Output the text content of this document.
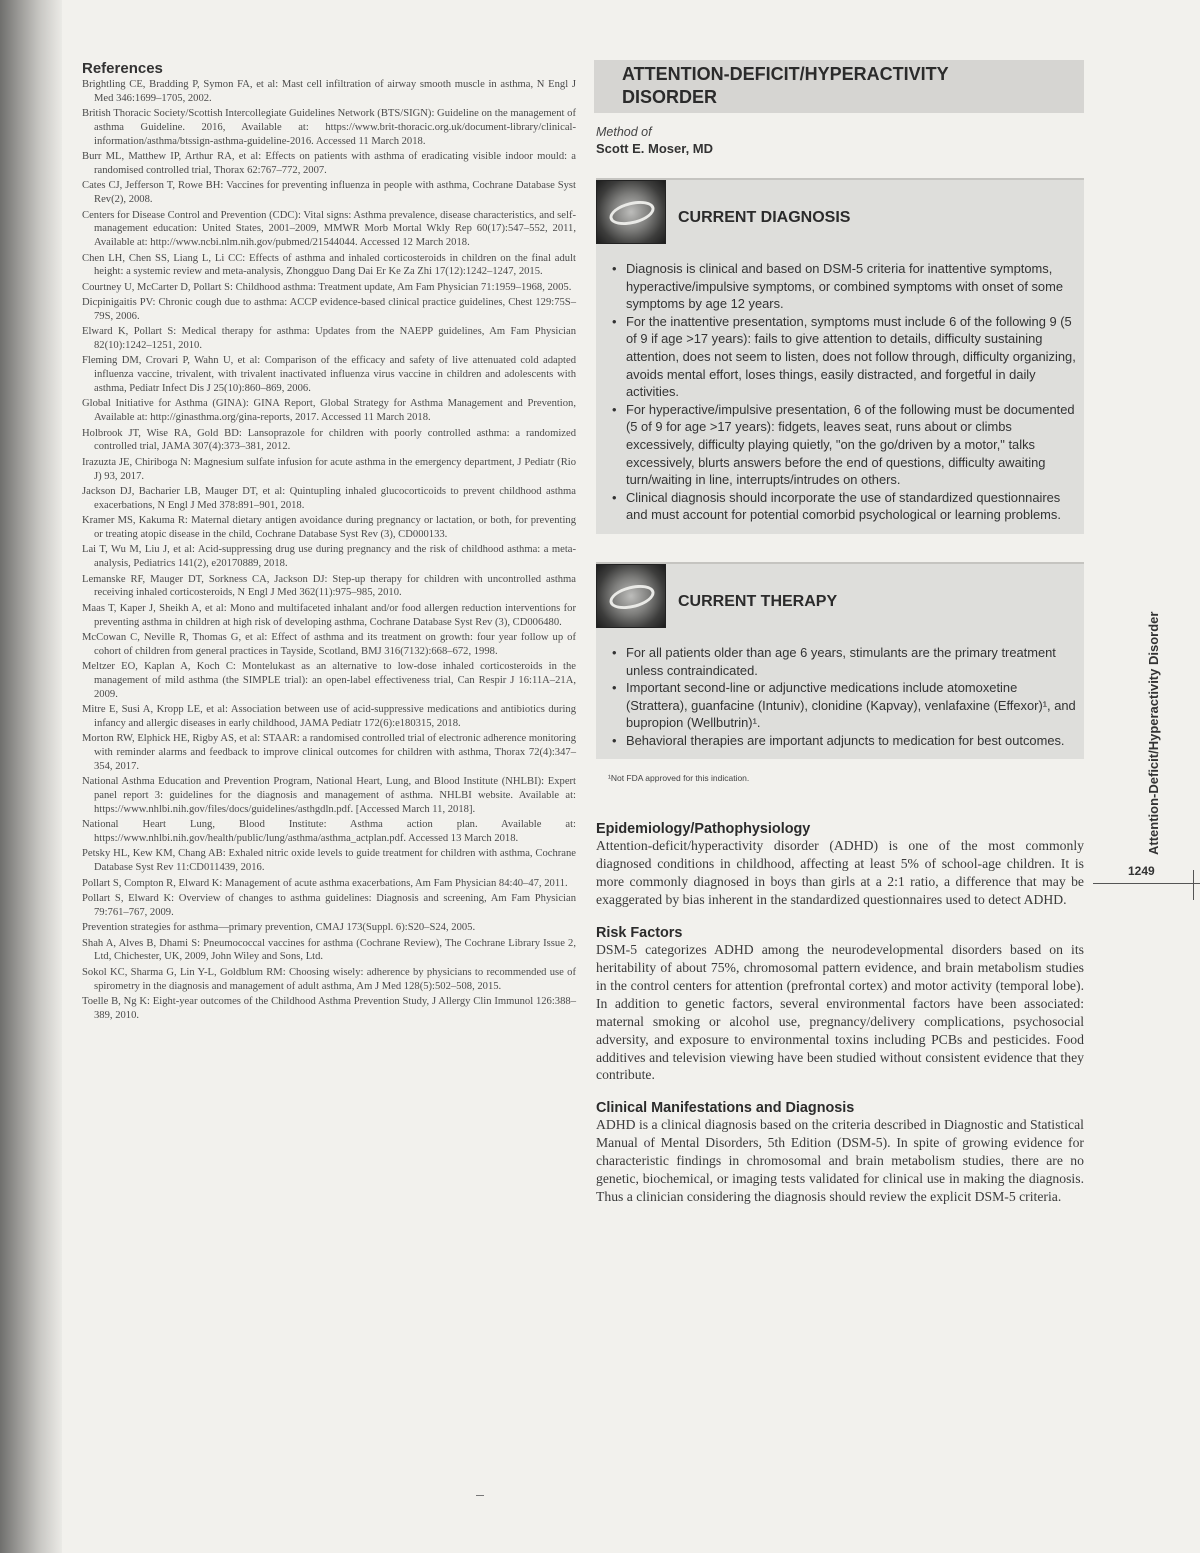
References
Brightling CE, Bradding P, Symon FA, et al: Mast cell infiltration of airway smooth muscle in asthma, N Engl J Med 346:1699–1705, 2002.
British Thoracic Society/Scottish Intercollegiate Guidelines Network (BTS/SIGN): Guideline on the management of asthma Guideline. 2016, Available at: https://www.brit-thoracic.org.uk/document-library/clinical-information/asthma/btssign-asthma-guideline-2016. Accessed 11 March 2018.
Burr ML, Matthew IP, Arthur RA, et al: Effects on patients with asthma of eradicating visible indoor mould: a randomised controlled trial, Thorax 62:767–772, 2007.
Cates CJ, Jefferson T, Rowe BH: Vaccines for preventing influenza in people with asthma, Cochrane Database Syst Rev(2), 2008.
Centers for Disease Control and Prevention (CDC): Vital signs: Asthma prevalence, disease characteristics, and self-management education: United States, 2001–2009, MMWR Morb Mortal Wkly Rep 60(17):547–552, 2011, Available at: http://www.ncbi.nlm.nih.gov/pubmed/21544044. Accessed 12 March 2018.
Chen LH, Chen SS, Liang L, Li CC: Effects of asthma and inhaled corticosteroids in children on the final adult height: a systemic review and meta-analysis, Zhongguo Dang Dai Er Ke Za Zhi 17(12):1242–1247, 2015.
Courtney U, McCarter D, Pollart S: Childhood asthma: Treatment update, Am Fam Physician 71:1959–1968, 2005.
Dicpinigaitis PV: Chronic cough due to asthma: ACCP evidence-based clinical practice guidelines, Chest 129:75S–79S, 2006.
Elward K, Pollart S: Medical therapy for asthma: Updates from the NAEPP guidelines, Am Fam Physician 82(10):1242–1251, 2010.
Fleming DM, Crovari P, Wahn U, et al: Comparison of the efficacy and safety of live attenuated cold adapted influenza vaccine, trivalent, with trivalent inactivated influenza virus vaccine in children and adolescents with asthma, Pediatr Infect Dis J 25(10):860–869, 2006.
Global Initiative for Asthma (GINA): GINA Report, Global Strategy for Asthma Management and Prevention, Available at: http://ginasthma.org/gina-reports, 2017. Accessed 11 March 2018.
Holbrook JT, Wise RA, Gold BD: Lansoprazole for children with poorly controlled asthma: a randomized controlled trial, JAMA 307(4):373–381, 2012.
Irazuzta JE, Chiriboga N: Magnesium sulfate infusion for acute asthma in the emergency department, J Pediatr (Rio J) 93, 2017.
Jackson DJ, Bacharier LB, Mauger DT, et al: Quintupling inhaled glucocorticoids to prevent childhood asthma exacerbations, N Engl J Med 378:891–901, 2018.
Kramer MS, Kakuma R: Maternal dietary antigen avoidance during pregnancy or lactation, or both, for preventing or treating atopic disease in the child, Cochrane Database Syst Rev (3), CD000133.
Lai T, Wu M, Liu J, et al: Acid-suppressing drug use during pregnancy and the risk of childhood asthma: a meta-analysis, Pediatrics 141(2), e20170889, 2018.
Lemanske RF, Mauger DT, Sorkness CA, Jackson DJ: Step-up therapy for children with uncontrolled asthma receiving inhaled corticosteroids, N Engl J Med 362(11):975–985, 2010.
Maas T, Kaper J, Sheikh A, et al: Mono and multifaceted inhalant and/or food allergen reduction interventions for preventing asthma in children at high risk of developing asthma, Cochrane Database Syst Rev (3), CD006480.
McCowan C, Neville R, Thomas G, et al: Effect of asthma and its treatment on growth: four year follow up of cohort of children from general practices in Tayside, Scotland, BMJ 316(7132):668–672, 1998.
Meltzer EO, Kaplan A, Koch C: Montelukast as an alternative to low-dose inhaled corticosteroids in the management of mild asthma (the SIMPLE trial): an open-label effectiveness trial, Can Respir J 16:11A–21A, 2009.
Mitre E, Susi A, Kropp LE, et al: Association between use of acid-suppressive medications and antibiotics during infancy and allergic diseases in early childhood, JAMA Pediatr 172(6):e180315, 2018.
Morton RW, Elphick HE, Rigby AS, et al: STAAR: a randomised controlled trial of electronic adherence monitoring with reminder alarms and feedback to improve clinical outcomes for children with asthma, Thorax 72(4):347–354, 2017.
National Asthma Education and Prevention Program, National Heart, Lung, and Blood Institute (NHLBI): Expert panel report 3: guidelines for the diagnosis and management of asthma. NHLBI website. Available at: https://www.nhlbi.nih.gov/files/docs/guidelines/asthgdln.pdf. [Accessed March 11, 2018].
National Heart Lung, Blood Institute: Asthma action plan. Available at: https://www.nhlbi.nih.gov/health/public/lung/asthma/asthma_actplan.pdf. Accessed 13 March 2018.
Petsky HL, Kew KM, Chang AB: Exhaled nitric oxide levels to guide treatment for children with asthma, Cochrane Database Syst Rev 11:CD011439, 2016.
Pollart S, Compton R, Elward K: Management of acute asthma exacerbations, Am Fam Physician 84:40–47, 2011.
Pollart S, Elward K: Overview of changes to asthma guidelines: Diagnosis and screening, Am Fam Physician 79:761–767, 2009.
Prevention strategies for asthma—primary prevention, CMAJ 173(Suppl. 6):S20–S24, 2005.
Shah A, Alves B, Dhami S: Pneumococcal vaccines for asthma (Cochrane Review), The Cochrane Library Issue 2, Ltd, Chichester, UK, 2009, John Wiley and Sons, Ltd.
Sokol KC, Sharma G, Lin Y-L, Goldblum RM: Choosing wisely: adherence by physicians to recommended use of spirometry in the diagnosis and management of adult asthma, Am J Med 128(5):502–508, 2015.
Toelle B, Ng K: Eight-year outcomes of the Childhood Asthma Prevention Study, J Allergy Clin Immunol 126:388–389, 2010.
ATTENTION-DEFICIT/HYPERACTIVITY
DISORDER
Method of
Scott E. Moser, MD
CURRENT DIAGNOSIS
• Diagnosis is clinical and based on DSM-5 criteria for inattentive symptoms, hyperactive/impulsive symptoms, or combined symptoms with onset of some symptoms by age 12 years.
• For the inattentive presentation, symptoms must include 6 of the following 9 (5 of 9 if age >17 years): fails to give attention to details, difficulty sustaining attention, does not seem to listen, does not follow through, difficulty organizing, avoids mental effort, loses things, easily distracted, and forgetful in daily activities.
• For hyperactive/impulsive presentation, 6 of the following must be documented (5 of 9 for age >17 years): fidgets, leaves seat, runs about or climbs excessively, difficulty playing quietly, "on the go/driven by a motor," talks excessively, blurts answers before the end of questions, difficulty awaiting turn/waiting in line, interrupts/intrudes on others.
• Clinical diagnosis should incorporate the use of standardized questionnaires and must account for potential comorbid psychological or learning problems.
CURRENT THERAPY
• For all patients older than age 6 years, stimulants are the primary treatment unless contraindicated.
• Important second-line or adjunctive medications include atomoxetine (Strattera), guanfacine (Intuniv), clonidine (Kapvay), venlafaxine (Effexor)¹, and bupropion (Wellbutrin)¹.
• Behavioral therapies are important adjuncts to medication for best outcomes.
¹Not FDA approved for this indication.
Epidemiology/Pathophysiology
Attention-deficit/hyperactivity disorder (ADHD) is one of the most commonly diagnosed conditions in childhood, affecting at least 5% of school-age children. It is more commonly diagnosed in boys than girls at a 2:1 ratio, a difference that may be exaggerated by bias inherent in the standardized questionnaires used to detect ADHD.
Risk Factors
DSM-5 categorizes ADHD among the neurodevelopmental disorders based on its heritability of about 75%, chromosomal pattern evidence, and brain metabolism studies in the control centers for attention (prefrontal cortex) and motor activity (temporal lobe). In addition to genetic factors, several environmental factors have been associated: maternal smoking or alcohol use, pregnancy/delivery complications, psychosocial adversity, and exposure to environmental toxins including PCBs and pesticides. Food additives and television viewing have been studied without consistent evidence that they contribute.
Clinical Manifestations and Diagnosis
ADHD is a clinical diagnosis based on the criteria described in Diagnostic and Statistical Manual of Mental Disorders, 5th Edition (DSM-5). In spite of growing evidence for characteristic findings in chromosomal and brain metabolism studies, there are no genetic, biochemical, or imaging tests validated for clinical use in making the diagnosis. Thus a clinician considering the diagnosis should review the explicit DSM-5 criteria.
Attention-Deficit/Hyperactivity Disorder
1249
